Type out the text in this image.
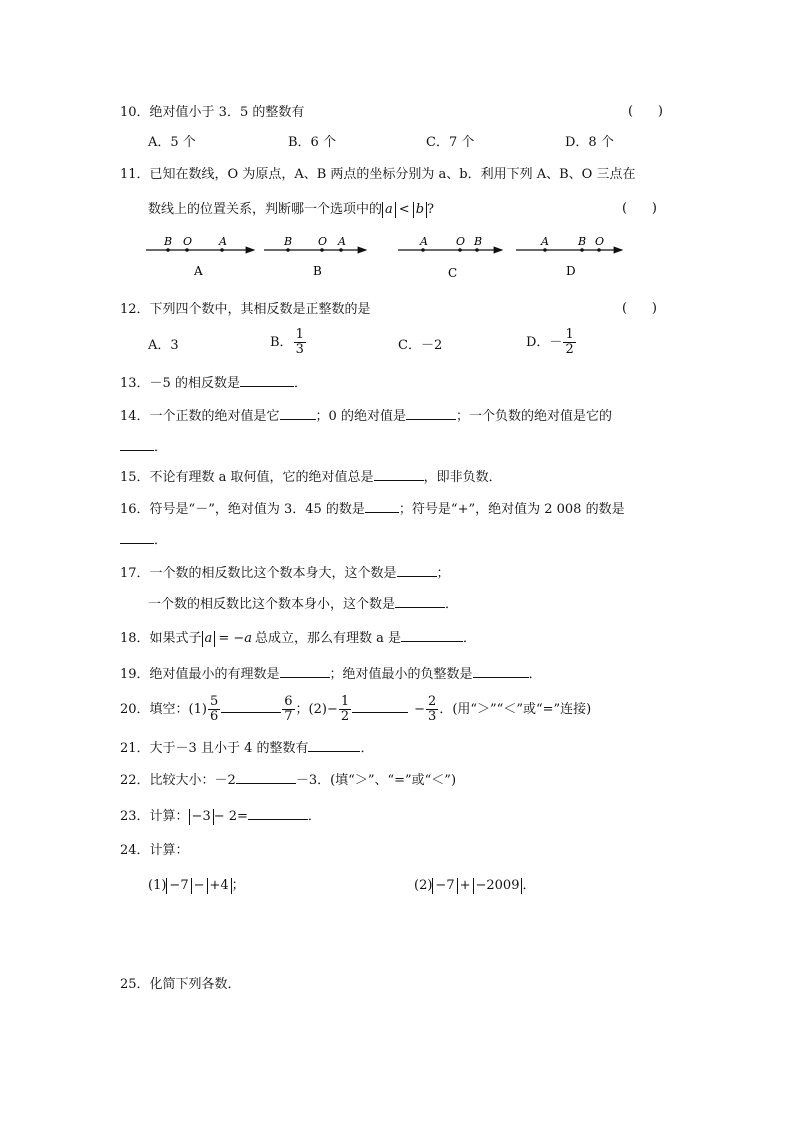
10．绝对值小于 3．5 的整数有	(      )
A．5 个	B．6 个	C．7 个	D．8 个
11．已知在数线，O 为原点，A、B 两点的坐标分别为 a、b．利用下列 A、B、O 三点在
数线上的位置关系，判断哪一个选项中的 a < b ?	(      )
B O A
A
B O A
B
A	O B
C
A	B O
D
12．下列四个数中，其相反数是正整数的是	(      )
A．3	B． $\frac{1}{3}$	C．－2	D．－ $\frac{1}{2}$
13．－5 的相反数是	．
14．一个正数的绝对值是它	；0 的绝对值是	；一个负数的绝对值是它的
．
15．不论有理数 a 取何值，它的绝对值总是	，即非负数．
16．符号是“－”，绝对值为 3．45 的数是	；符号是“+”，绝对值为 2 008 的数是
．
17．一个数的相反数比这个数本身大，这个数是	；
一个数的相反数比这个数本身小，这个数是	．
18．如果式子 a = −a 总成立，那么有理数 a 是	．
19．绝对值最小的有理数是	；绝对值最小的负整数是	．
20．填空：$(1) \frac{5}{6}$	$\frac{6}{7}$ ；$(2)- \frac{1}{2}$	− $\frac{2}{3}$ ．(用“＞”“＜”或“=”连接)
21．大于－3 且小于 4 的整数有	．
22．比较大小：－2	－3．(填“＞”、“=”或“＜”)
23．计算： −3 − 2=	．
24．计算：
(1) −7 − +4 ；	(2) −7 + −2009 ．
25．化简下列各数．
